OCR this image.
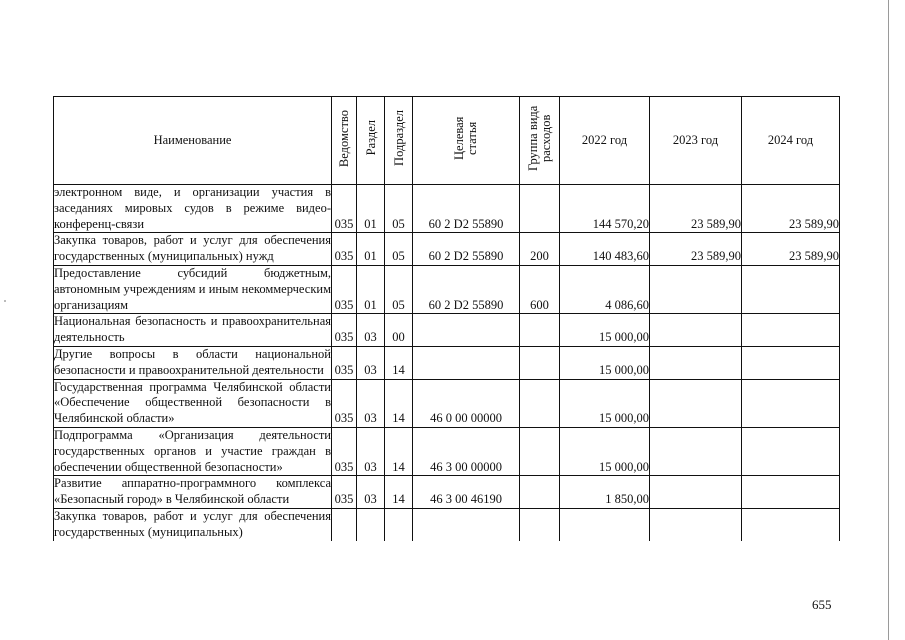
Наименование	Ведомство	Раздел	Подраздел	Целевая статья	Группа вида расходов	2022 год	2023 год	2024 год

электронном виде, и организации участия в заседаниях мировых судов в режиме видео-конференц-связи	035	01	05	60 2 D2 55890		144 570,20	23 589,90	23 589,90

Закупка товаров, работ и услуг для обеспечения государственных (муниципальных) нужд	035	01	05	60 2 D2 55890	200	140 483,60	23 589,90	23 589,90

Предоставление субсидий бюджетным, автономным учреждениям и иным некоммерческим организациям	035	01	05	60 2 D2 55890	600	4 086,60		

Национальная безопасность и правоохранительная деятельность	035	03	00			15 000,00		

Другие вопросы в области национальной безопасности и правоохранительной деятельности	035	03	14			15 000,00		

Государственная программа Челябинской области «Обеспечение общественной безопасности в Челябинской области»	035	03	14	46 0 00 00000		15 000,00		

Подпрограмма «Организация деятельности государственных органов и участие граждан в обеспечении общественной безопасности»	035	03	14	46 3 00 00000		15 000,00		

Развитие аппаратно-программного комплекса «Безопасный город» в Челябинской области	035	03	14	46 3 00 46190		1 850,00		

Закупка товаров, работ и услуг для обеспечения государственных (муниципальных)								

655
